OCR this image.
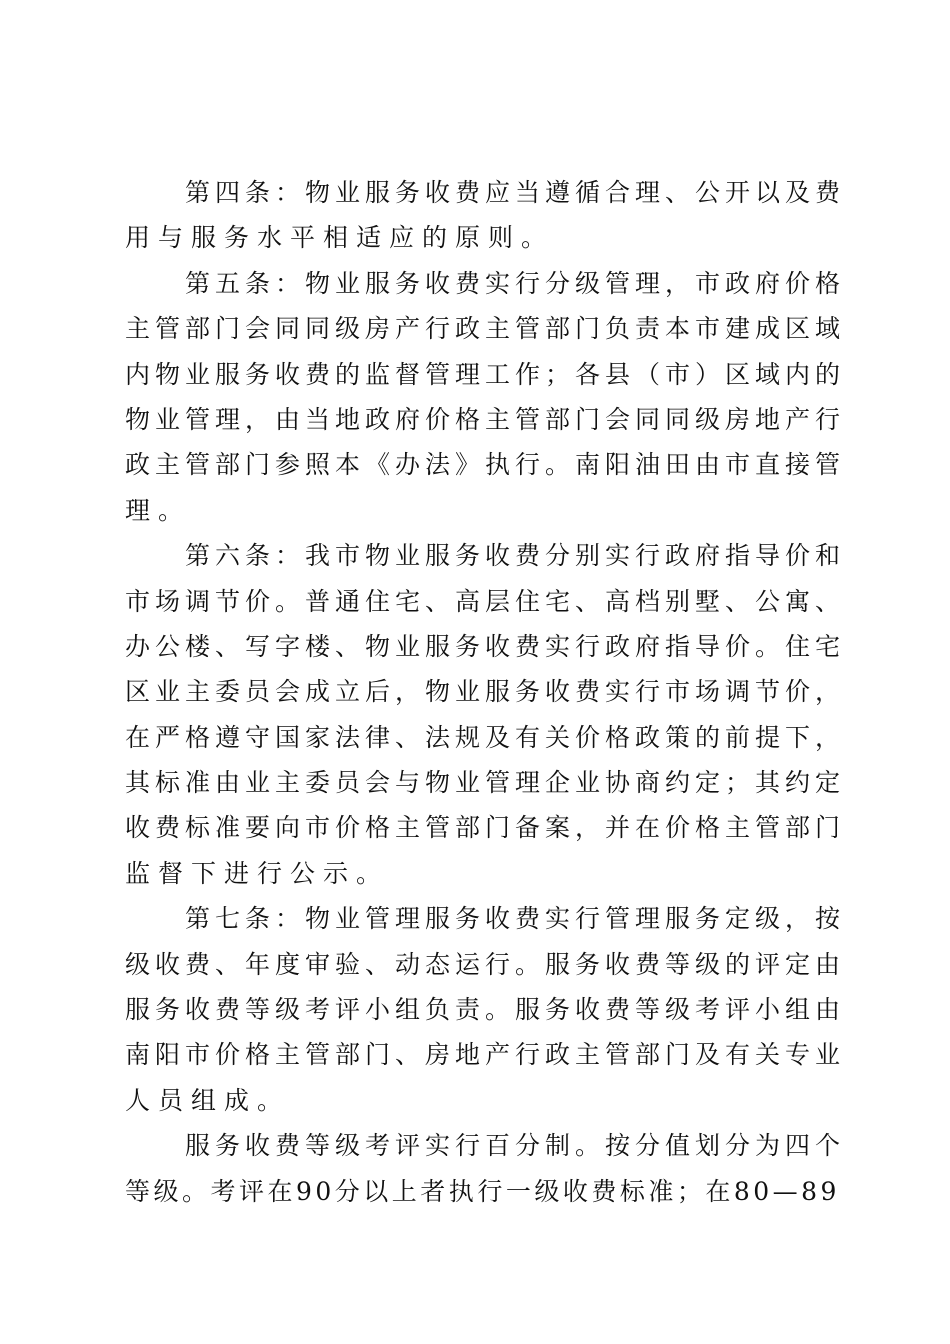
第四条：物业服务收费应当遵循合理、公开以及费
用与服务水平相适应的原则。
第五条：物业服务收费实行分级管理，市政府价格
主管部门会同同级房产行政主管部门负责本市建成区域
内物业服务收费的监督管理工作；各县（市）区域内的
物业管理，由当地政府价格主管部门会同同级房地产行
政主管部门参照本《办法》执行。南阳油田由市直接管
理。
第六条：我市物业服务收费分别实行政府指导价和
市场调节价。普通住宅、高层住宅、高档别墅、公寓、
办公楼、写字楼、物业服务收费实行政府指导价。住宅
区业主委员会成立后，物业服务收费实行市场调节价，
在严格遵守国家法律、法规及有关价格政策的前提下，
其标准由业主委员会与物业管理企业协商约定；其约定
收费标准要向市价格主管部门备案，并在价格主管部门
监督下进行公示。
第七条：物业管理服务收费实行管理服务定级，按
级收费、年度审验、动态运行。服务收费等级的评定由
服务收费等级考评小组负责。服务收费等级考评小组由
南阳市价格主管部门、房地产行政主管部门及有关专业
人员组成。
服务收费等级考评实行百分制。按分值划分为四个
等级。考评在90分以上者执行一级收费标准；在80—89
